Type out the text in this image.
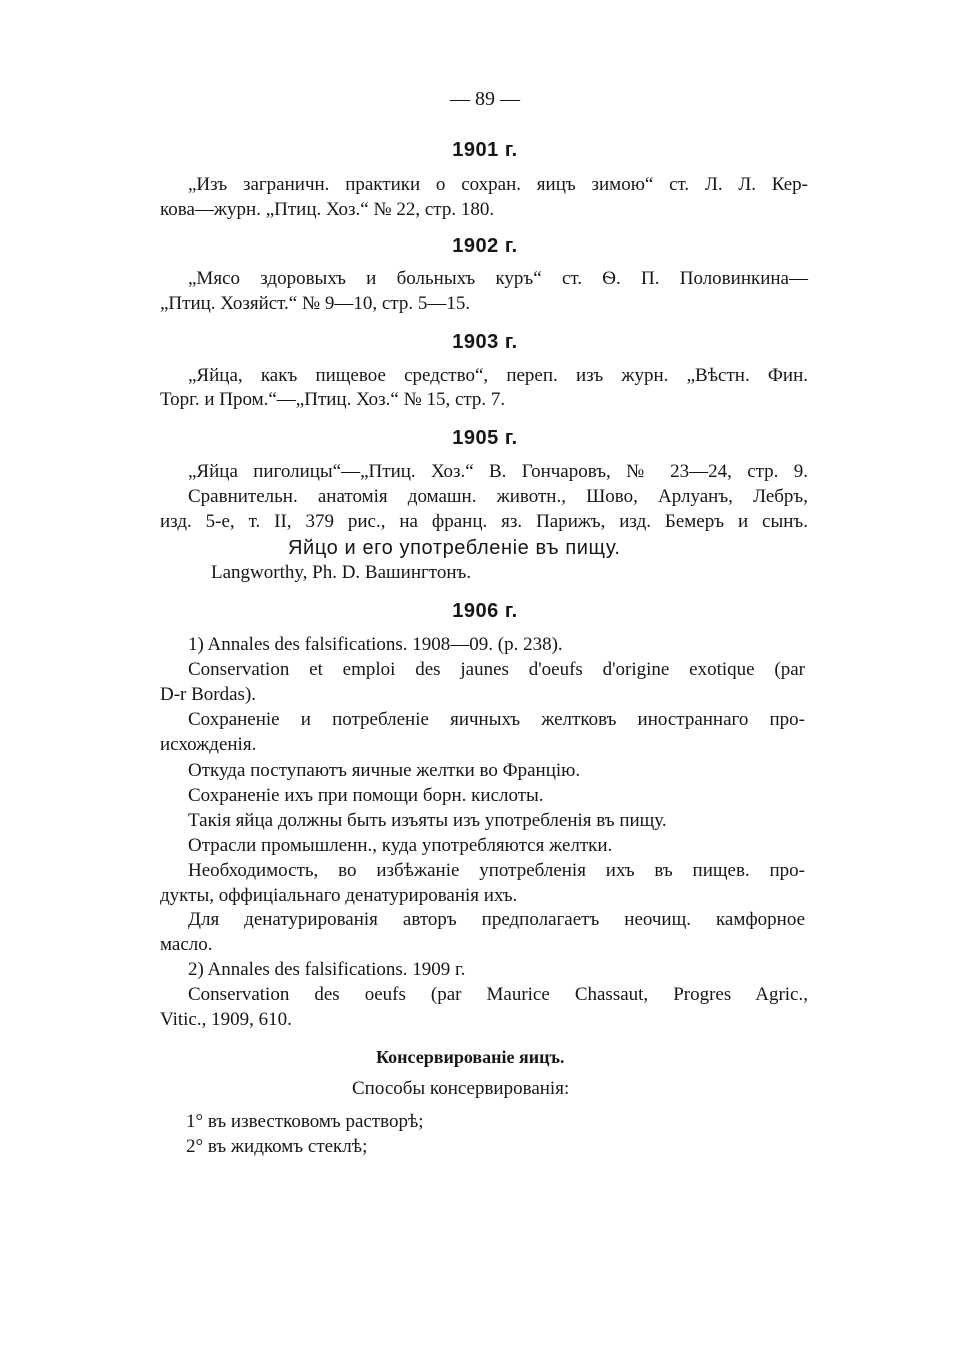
— 89 —
1901 г.
„Изъ заграничн. практики о сохран. яицъ зимою“ ст. Л. Л. Кер-
кова—журн. „Птиц. Хоз.“ № 22, стр. 180.
1902 г.
„Мясо здоровыхъ и больныхъ куръ“ ст. Ѳ. П. Половинкина—
„Птиц. Хозяйст.“ № 9—10, стр. 5—15.
1903 г.
„Яйца, какъ пищевое средство“, переп. изъ журн. „Вѣстн. Фин.
Торг. и Пром.“—„Птиц. Хоз.“ № 15, стр. 7.
1905 г.
„Яйца пиголицы“—„Птиц. Хоз.“ В. Гончаровъ, № 23—24, стр. 9.
Сравнительн. анатомія домашн. животн., Шово, Арлуанъ, Лебръ,
изд. 5-е, т. II, 379 рис., на франц. яз. Парижъ, изд. Бемеръ и сынъ.
Яйцо и его употребленіе въ пищу.
Langworthy, Ph. D. Вашингтонъ.
1906 г.
1) Annales des falsifications. 1908—09. (p. 238).
Conservation et emploi des jaunes d'oeufs d'origine exotique (par
D-r Bordas).
Сохраненіе и потребленіе яичныхъ желтковъ иностраннаго про-
исхожденія.
Откуда поступаютъ яичные желтки во Францію.
Сохраненіе ихъ при помощи борн. кислоты.
Такія яйца должны быть изъяты изъ употребленія въ пищу.
Отрасли промышленн., куда употребляются желтки.
Необходимость, во избѣжаніе употребленія ихъ въ пищев. про-
дукты, оффиціальнаго денатурированія ихъ.
Для денатурированія авторъ предполагаетъ неочищ. камфорное
масло.
2) Annales des falsifications. 1909 г.
Conservation des oeufs (par Maurice Chassaut, Progres Agric.,
Vitic., 1909, 610.
Консервированіе яицъ.
Способы консервированія:
1° въ известковомъ растворѣ;
2° въ жидкомъ стеклѣ;
